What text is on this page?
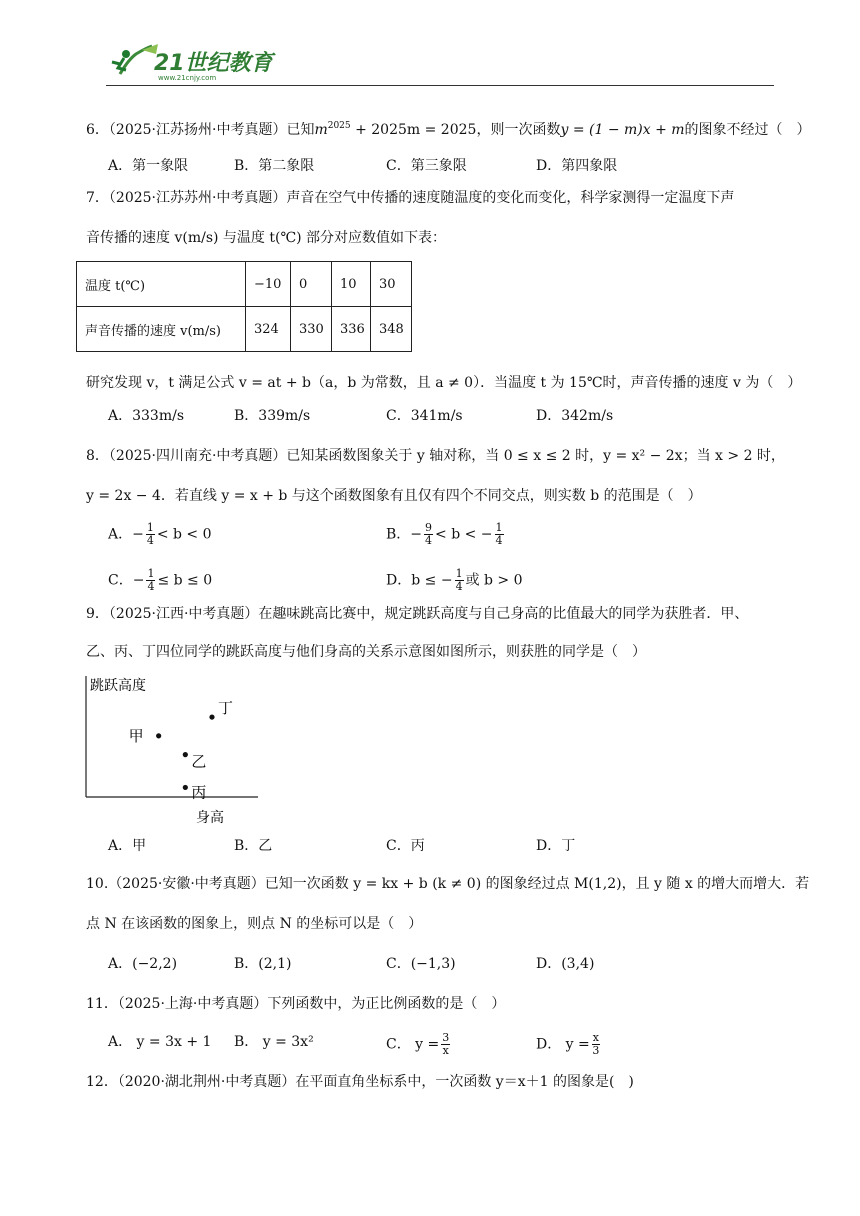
21世纪教育
www.21cnjy.com
6．（2025·江苏扬州·中考真题）已知$m^{2025} + 2025m = 2025$，则一次函数y = (1 − m)x + m的图象不经过（　）
A．第一象限	B．第二象限	C．第三象限	D．第四象限
7．（2025·江苏苏州·中考真题）声音在空气中传播的速度随温度的变化而变化，科学家测得一定温度下声
音传播的速度 v(m/s) 与温度 t(℃) 部分对应数值如下表：
温度 t(℃)	−10	0	10	30
声音传播的速度 v(m/s)	324	330	336	348
研究发现 v，t 满足公式 v = at + b（a，b 为常数，且 a ≠ 0）．当温度 t 为 15℃时，声音传播的速度 v 为（　）
A．333m/s	B．339m/s	C．341m/s	D．342m/s
8．（2025·四川南充·中考真题）已知某函数图象关于 y 轴对称，当 0 ≤ x ≤ 2 时，y = x² − 2x；当 x > 2 时，
y = 2x − 4．若直线 y = x + b 与这个函数图象有且仅有四个不同交点，则实数 b 的范围是（　）
A．− $\frac{1}{4} < b < 0$	B．− $\frac{9}{4} < b$ < − $\frac{1}{4}$
C．− $\frac{1}{4} \le b \le 0$	D．b ≤ − $\frac{1}{4}$ 或 b > 0
9．（2025·江西·中考真题）在趣味跳高比赛中，规定跳跃高度与自己身高的比值最大的同学为获胜者．甲、
乙、丙、丁四位同学的跳跃高度与他们身高的关系示意图如图所示，则获胜的同学是（　）
跳跃高度
身高
甲
乙
丙
丁
A．甲	B．乙	C．丙	D．丁
10.（2025·安徽·中考真题）已知一次函数 y = kx + b (k ≠ 0) 的图象经过点 M(1,2)，且 y 随 x 的增大而增大．若
点 N 在该函数的图象上，则点 N 的坐标可以是（　）
A．(−2,2)	B．(2,1)	C．(−1,3)	D．(3,4)
11．（2025·上海·中考真题）下列函数中，为正比例函数的是（　）
A． y = 3x + 1 B． y = 3x²	C． $y = \frac{3}{x}$	D． $y = \frac{x}{3}$
12．（2020·湖北荆州·中考真题）在平面直角坐标系中，一次函数 y＝x＋1 的图象是(　)
